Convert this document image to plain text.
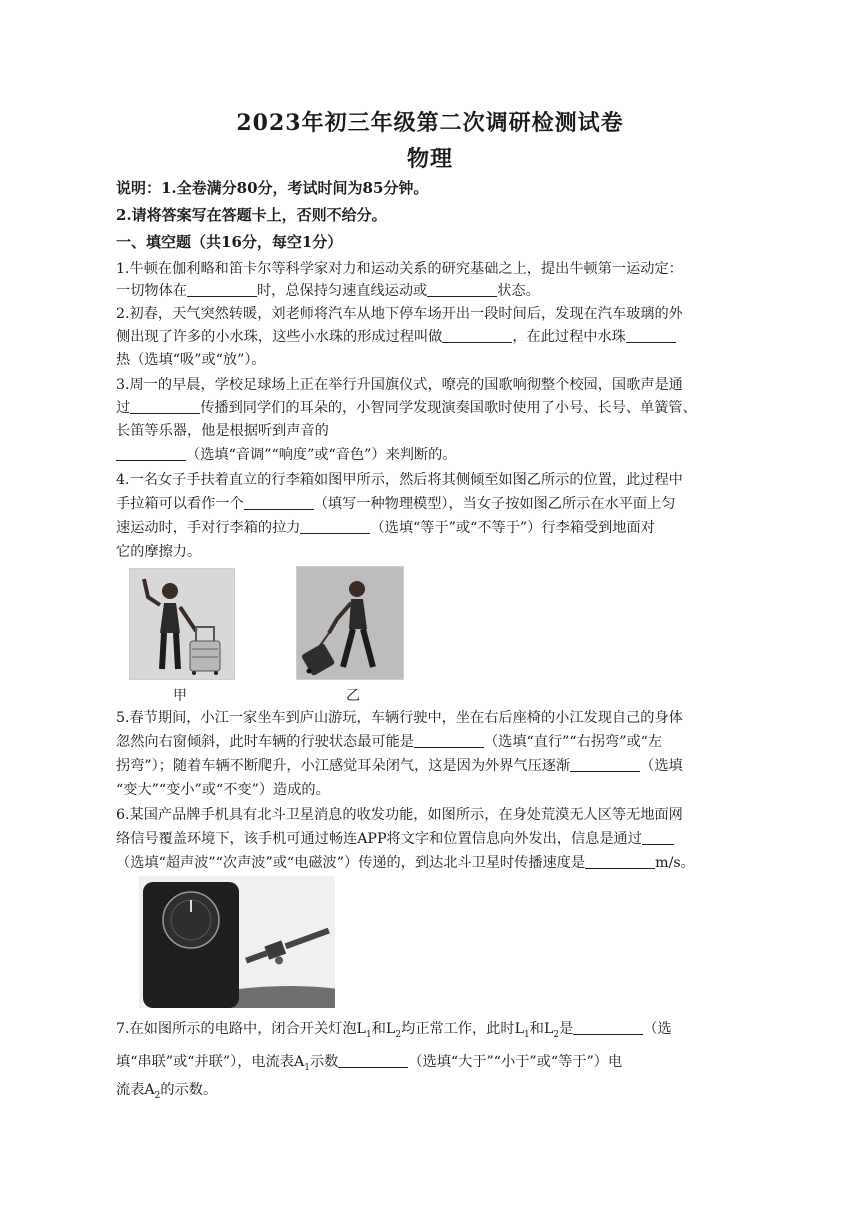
2023年初三年级第二次调研检测试卷
物理
说明：1.全卷满分80分，考试时间为85分钟。
2.请将答案写在答题卡上，否则不给分。
一、填空题（共16分，每空1分）
1.牛顿在伽利略和笛卡尔等科学家对力和运动关系的研究基础之上，提出牛顿第一运动定：
一切物体在	时，总保持匀速直线运动或	状态。
2.初春，天气突然转暖，刘老师将汽车从地下停车场开出一段时间后，发现在汽车玻璃的外
侧出现了许多的小水珠，这些小水珠的形成过程叫做	，在此过程中水珠
热（选填“吸”或“放”）。
3.周一的早晨，学校足球场上正在举行升国旗仪式，嘹亮的国歌响彻整个校园，国歌声是通
过	传播到同学们的耳朵的，小智同学发现演奏国歌时使用了小号、长号、单簧管、
长笛等乐器，他是根据听到声音的
（选填“音调”“响度”或“音色”）来判断的。
4.一名女子手扶着直立的行李箱如图甲所示，然后将其侧倾至如图乙所示的位置，此过程中
手拉箱可以看作一个	（填写一种物理模型），当女子按如图乙所示在水平面上匀
速运动时，手对行李箱的拉力	（选填“等于”或“不等于”）行李箱受到地面对
它的摩擦力。
甲	乙
5.春节期间，小江一家坐车到庐山游玩，车辆行驶中，坐在右后座椅的小江发现自己的身体
忽然向右窗倾斜，此时车辆的行驶状态最可能是	（选填“直行”“右拐弯”或“左
拐弯”）；随着车辆不断爬升，小江感觉耳朵闭气，这是因为外界气压逐渐	（选填
“变大”“变小”或“不变”）造成的。
6.某国产品牌手机具有北斗卫星消息的收发功能，如图所示，在身处荒漠无人区等无地面网
络信号覆盖环境下，该手机可通过畅连APP将文字和位置信息向外发出，信息是通过
（选填“超声波”“次声波”或“电磁波”）传递的，到达北斗卫星时传播速度是	m/s。
7.在如图所示的电路中，闭合开关灯泡$L_1$和$L_2$均正常工作，此时$L_1$和$L_2$是	（选
填“串联”或“并联”），电流表$A_1$示数	（选填“大于”“小于”或“等于”）电
流表$A_2$的示数。
